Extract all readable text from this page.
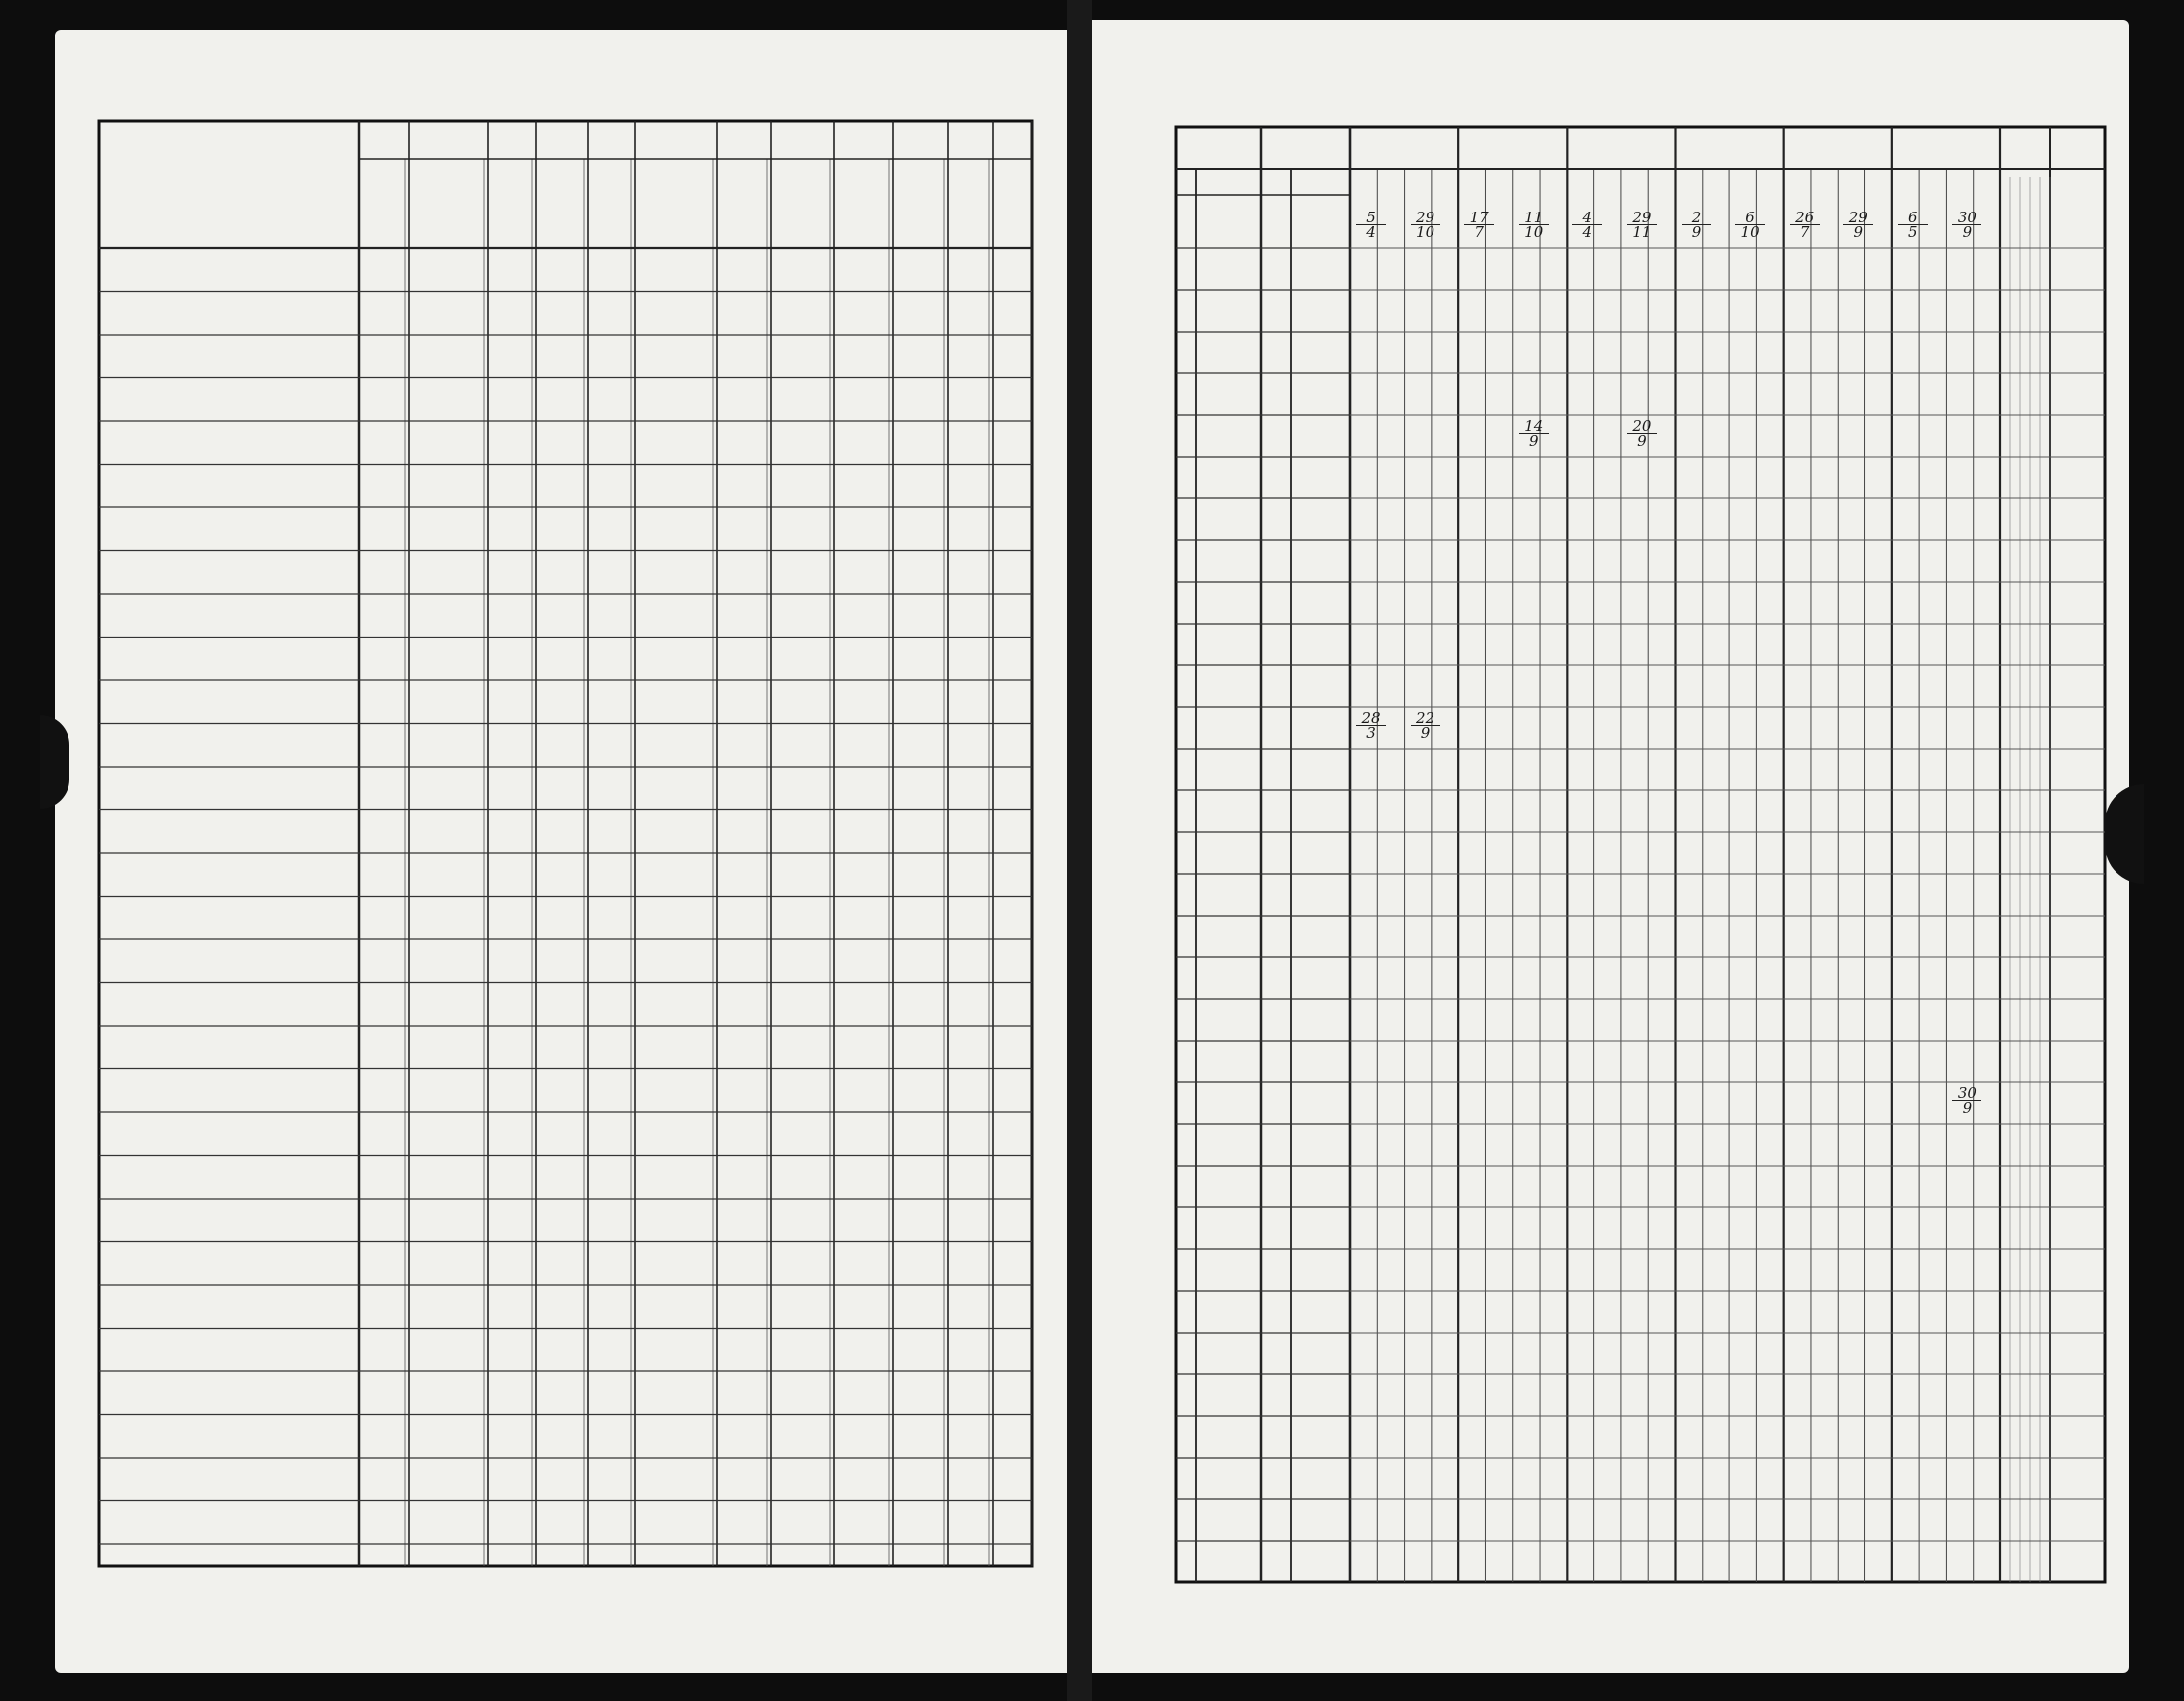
$\frac{5}{4} \frac{29}{10} \frac{17}{7} \frac{11}{10} \frac{4}{4} \frac{29}{11} \frac{2}{9} \frac{6}{10} \frac{26}{7} \frac{29}{9} \frac{6}{5} \frac{30}{9}$
$\frac{14}{9}$	$\frac{20}{9}$
$\frac{28}{3} \frac{22}{9}$
$\frac{30}{9}$
